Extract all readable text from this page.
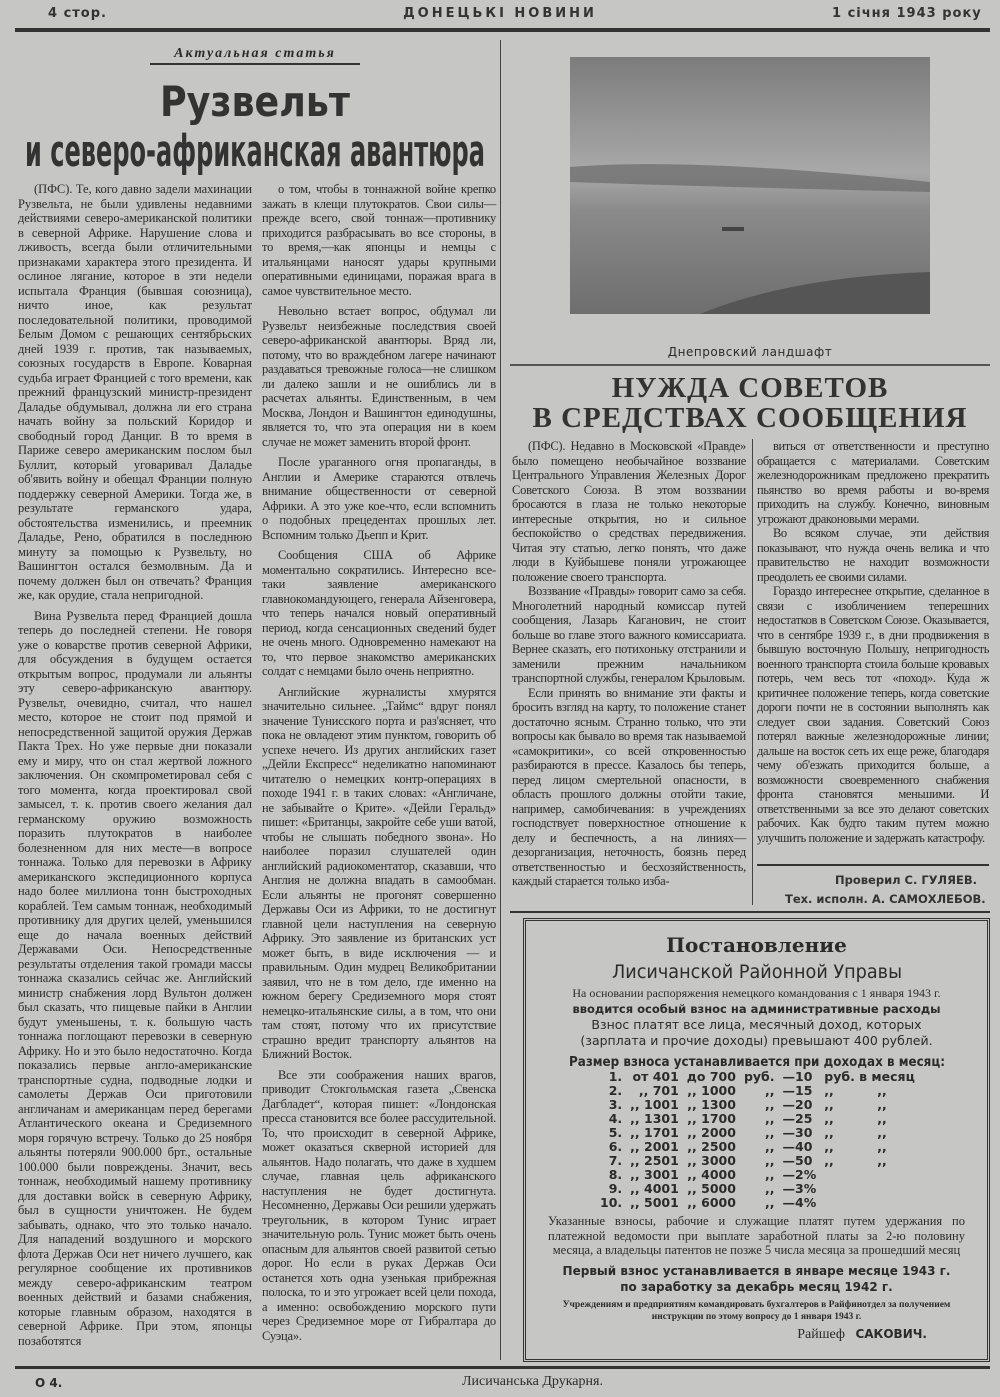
4 стор.	ДОНЕЦЬКІ НОВИНИ	1 січня 1943 року
Актуальная статья
Рузвельт
и северо-африканская авантюра

(ПФС). Те, кого давно задели махинации Рузвельта, не были удивлены недавними действиями северо-американской политики в северной Африке. Нарушение слова и лживость, всегда были отличительными признаками характера этого президента. И ослиное лягание, которое в эти недели испытала Франция (бывшая союзница), ничто иное, как результат последовательной политики, проводимой Белым Домом с решающих сентябрьских дней 1939 г. против, так называемых, союзных государств в Европе. Коварная судьба играет Францией с того времени, как прежний французский министр-президент Даладье обдумывал, должна ли его страна начать войну за польский Коридор и свободный город Данциг. В то время в Париже северо американским послом был Буллит, который уговаривал Даладье об'явить войну и обещал Франции полную поддержку северной Америки. Тогда же, в результате германского удара, обстоятельства изменились, и преемник Даладье, Рено, обратился в последнюю минуту за помощью к Рузвельту, но Вашингтон остался безмолвным. Да и почему должен был он отвечать? Франция же, как орудие, стала непригодной.

Вина Рузвельта перед Францией дошла теперь до последней степени. Не говоря уже о коварстве против северной Африки, для обсуждения в будущем остается открытым вопрос, продумали ли альянты эту северо-африканскую авантюру. Рузвельт, очевидно, считал, что нашел место, которое не стоит под прямой и непосредственной защитой оружия Держав Пакта Трех. Но уже первые дни показали ему и миру, что он стал жертвой ложного заключения. Он скомпрометировал себя с того момента, когда проектировал свой замысел, т. к. против своего желания дал германскому оружию возможность поразить плутократов в наиболее болезненном для них месте—в вопросе тоннажа. Только для перевозки в Африку американского экспедиционного корпуса надо более миллиона тонн быстроходных кораблей. Тем самым тоннаж, необходимый противнику для других целей, уменьшился еще до начала военных действий Державами Оси. Непосредственные результаты отделения такой громади массы тоннажа сказались сейчас же. Английский министр снабжения лорд Вультон должен был сказать, что пищевые пайки в Англии будут уменьшены, т. к. большую часть тоннажа поглощают перевозки в северную Африку. Но и это было недостаточно. Когда показались первые англо-американские транспортные судна, подводные лодки и самолеты Держав Оси приготовили англичанам и американцам перед берегами Атлантического океана и Средиземного моря горячую встречу. Только до 25 ноября альянты потеряли 900.000 брт., остальные 100.000 были повреждены. Значит, весь тоннаж, необходимый нашему противнику для доставки войск в северную Африку, был в сущности уничтожен. Не будем забывать, однако, что это только начало. Для нападений воздушного и морского флота Держав Оси нет ничего лучшего, как регулярное сообщение их противников между северо-африканским театром военных действий и базами снабжения, которые главным образом, находятся в северной Африке. При этом, японцы позаботятся

о том, чтобы в тоннажной войне крепко зажать в клещи плутократов. Свои силы—прежде всего, свой тоннаж—противнику приходится разбрасывать во все стороны, в то время,—как японцы и немцы с итальянцами наносят удары крупными оперативными единицами, поражая врага в самое чувствительное место.

Невольно встает вопрос, обдумал ли Рузвельт неизбежные последствия своей северо-африканской авантюры. Вряд ли, потому, что во враждебном лагере начинают раздаваться тревожные голоса—не слишком ли далеко зашли и не ошиблись ли в расчетах альянты. Единственным, в чем Москва, Лондон и Вашингтон единодушны, является то, что эта операция ни в коем случае не может заменить второй фронт.

После ураганного огня пропаганды, в Англии и Америке стараются отвлечь внимание общественности от северной Африки. А это уже кое-что, если вспомнить о подобных прецедентах прошлых лет. Вспомним только Дьепп и Крит.

Сообщения США об Африке моментально сократились. Интересно все-таки заявление американского главнокомандующего, генерала Айзенговера, что теперь начался новый оперативный период, когда сенсационных сведений будет не очень много. Одновременно намекают на то, что первое знакомство американских солдат с немцами было очень неприятно.

Английские журналисты хмурятся значительно сильнее. „Таймс“ вдруг понял значение Тунисского порта и раз'ясняет, что пока не овладеют этим пунктом, говорить об успехе нечего. Из других английских газет „Дейли Експресс“ неделикатно напоминают читателю о немецких контр-операциях в походе 1941 г. в таких словах: «Англичане, не забывайте о Крите». «Дейли Геральд» пишет: «Британцы, закройте себе уши ватой, чтобы не слышать победного звона». Но наиболее поразил слушателей один английский радиокоментатор, сказавши, что Англия не должна впадать в самообман. Если альянты не прогонят совершенно Державы Оси из Африки, то не достигнут главной цели наступления на северную Африку. Это заявление из британских уст может быть, в виде исключения — и правильным. Один мудрец Великобритании заявил, что не в том дело, где именно на южном берегу Средиземного моря стоят немецко-итальянские силы, а в том, что они там стоят, потому что их присутствие страшно вредит транспорту альянтов на Ближний Восток.

Все эти соображения наших врагов, приводит Стокгольмская газета „Свенска Дагбладет“, которая пишет: «Лондонская пресса становится все более рассудительной. То, что происходит в северной Африке, может оказаться скверной историей для альянтов. Надо полагать, что даже в худшем случае, главная цель африканского наступления не будет достигнута. Несомненно, Державы Оси решили удержать треугольник, в котором Тунис играет значительную роль. Тунис может быть очень опасным для альянтов своей развитой сетью дорог. Но если в руках Держав Оси останется хоть одна узенькая прибрежная полоска, то и это угрожает всей цели похода, а именно: освобождению морского пути через Средиземное море от Гибралтара до Суэца».

Днепровский ландшафт
НУЖДА СОВЕТОВ
В СРЕДСТВАХ СООБЩЕНИЯ

(ПФС). Недавно в Московской «Правде» было помещено необычайное воззвание Центрального Управления Железных Дорог Советского Союза. В этом воззвании бросаются в глаза не только некоторые интересные открытия, но и сильное беспокойство о средствах передвижения. Читая эту статью, легко понять, что даже люди в Куйбышеве поняли угрожающее положение своего транспорта.

Воззвание «Правды» говорит само за себя. Многолетний народный комиссар путей сообщения, Лазарь Каганович, не стоит больше во главе этого важного комиссариата. Вернее сказать, его потихоньку отстранили и заменили прежним начальником транспортной службы, генералом Крыловым.

Если принять во внимание эти факты и бросить взгляд на карту, то положение станет достаточно ясным. Странно только, что эти вопросы как бывало во время так называемой «самокритики», со всей откровенностью разбираются в прессе. Казалось бы теперь, перед лицом смертельной опасности, в область прошлого должны отойти такие, например, самобичевания: в учреждениях господствует поверхностное отношение к делу и беспечность, а на линиях—дезорганизация, неточность, боязнь перед ответственностью и бесхозяйственность, каждый старается только изба-

виться от ответственности и преступно обращается с материалами. Советским железнодорожникам предложено прекратить пьянство во время работы и во-время приходить на службу. Конечно, виновным угрожают драконовыми мерами.

Во всяком случае, эти действия показывают, что нужда очень велика и что правительство не находит возможности преодолеть ее своими силами.

Гораздо интереснее открытие, сделанное в связи с изобличением теперешних недостатков в Советском Союзе. Оказывается, что в сентябре 1939 г., в дни продвижения в бывшую восточную Польшу, непригодность военного транспорта стоила больше кровавых потерь, чем весь тот «поход». Куда ж критичнее положение теперь, когда советские дороги почти не в состоянии выполнять как следует свои задания. Советский Союз потерял важные железнодорожные линии; дальше на восток сеть их еще реже, благодаря чему об'езжать приходится больше, а возможности своевременного снабжения фронта становятся меньшими. И ответственными за все это делают советских рабочих. Как будто таким путем можно улучшить положение и задержать катастрофу.

Проверил С. ГУЛЯЕВ.
Тех. исполн. А. САМОХЛЕБОВ.
Постановление
Лисичанской Районной Управы
На основании распоряжения немецкого командования с 1 января 1943 г.
вводится особый взнос на административные расходы
Взнос платят все лица, месячный доход, которых
(зарплата и прочие доходы) превышают 400 рублей.
Размер взноса устанавливается при доходах в месяц:
1.	от 401	до 700	руб.	—10	руб. в месяц
2.	,, 701	,, 1000	,,	—15	,,          ,,
3.	,, 1001	,, 1300	,,	—20	,,          ,,
4.	,, 1301	,, 1700	,,	—25	,,          ,,
5.	,, 1701	,, 2000	,,	—30	,,          ,,
6.	,, 2001	,, 2500	,,	—40	,,          ,,
7.	,, 2501	,, 3000	,,	—50	,,          ,,
8.	,, 3001	,, 4000	,,	—2%	
9.	,, 4001	,, 5000	,,	—3%	
10.	,, 5001	,, 6000	,,	—4%	
Указанные взносы, рабочие и служащие платят путем удержания по платежной ведомости при выплате заработной платы за 2-ю половину месяца, а владельцы патентов не позже 5 числа месяца за прошедший месяц
Первый взнос устанавливается в январе месяце 1943 г.
по заработку за декабрь месяц 1942 г.
Учреждениям и предприятиям командировать бухгалтеров в Райфинотдел за получением инструкции по этому вопросу до 1 января 1943 г.
Райшеф САКОВИЧ.
О 4.	Лисичанська Друкарня.
